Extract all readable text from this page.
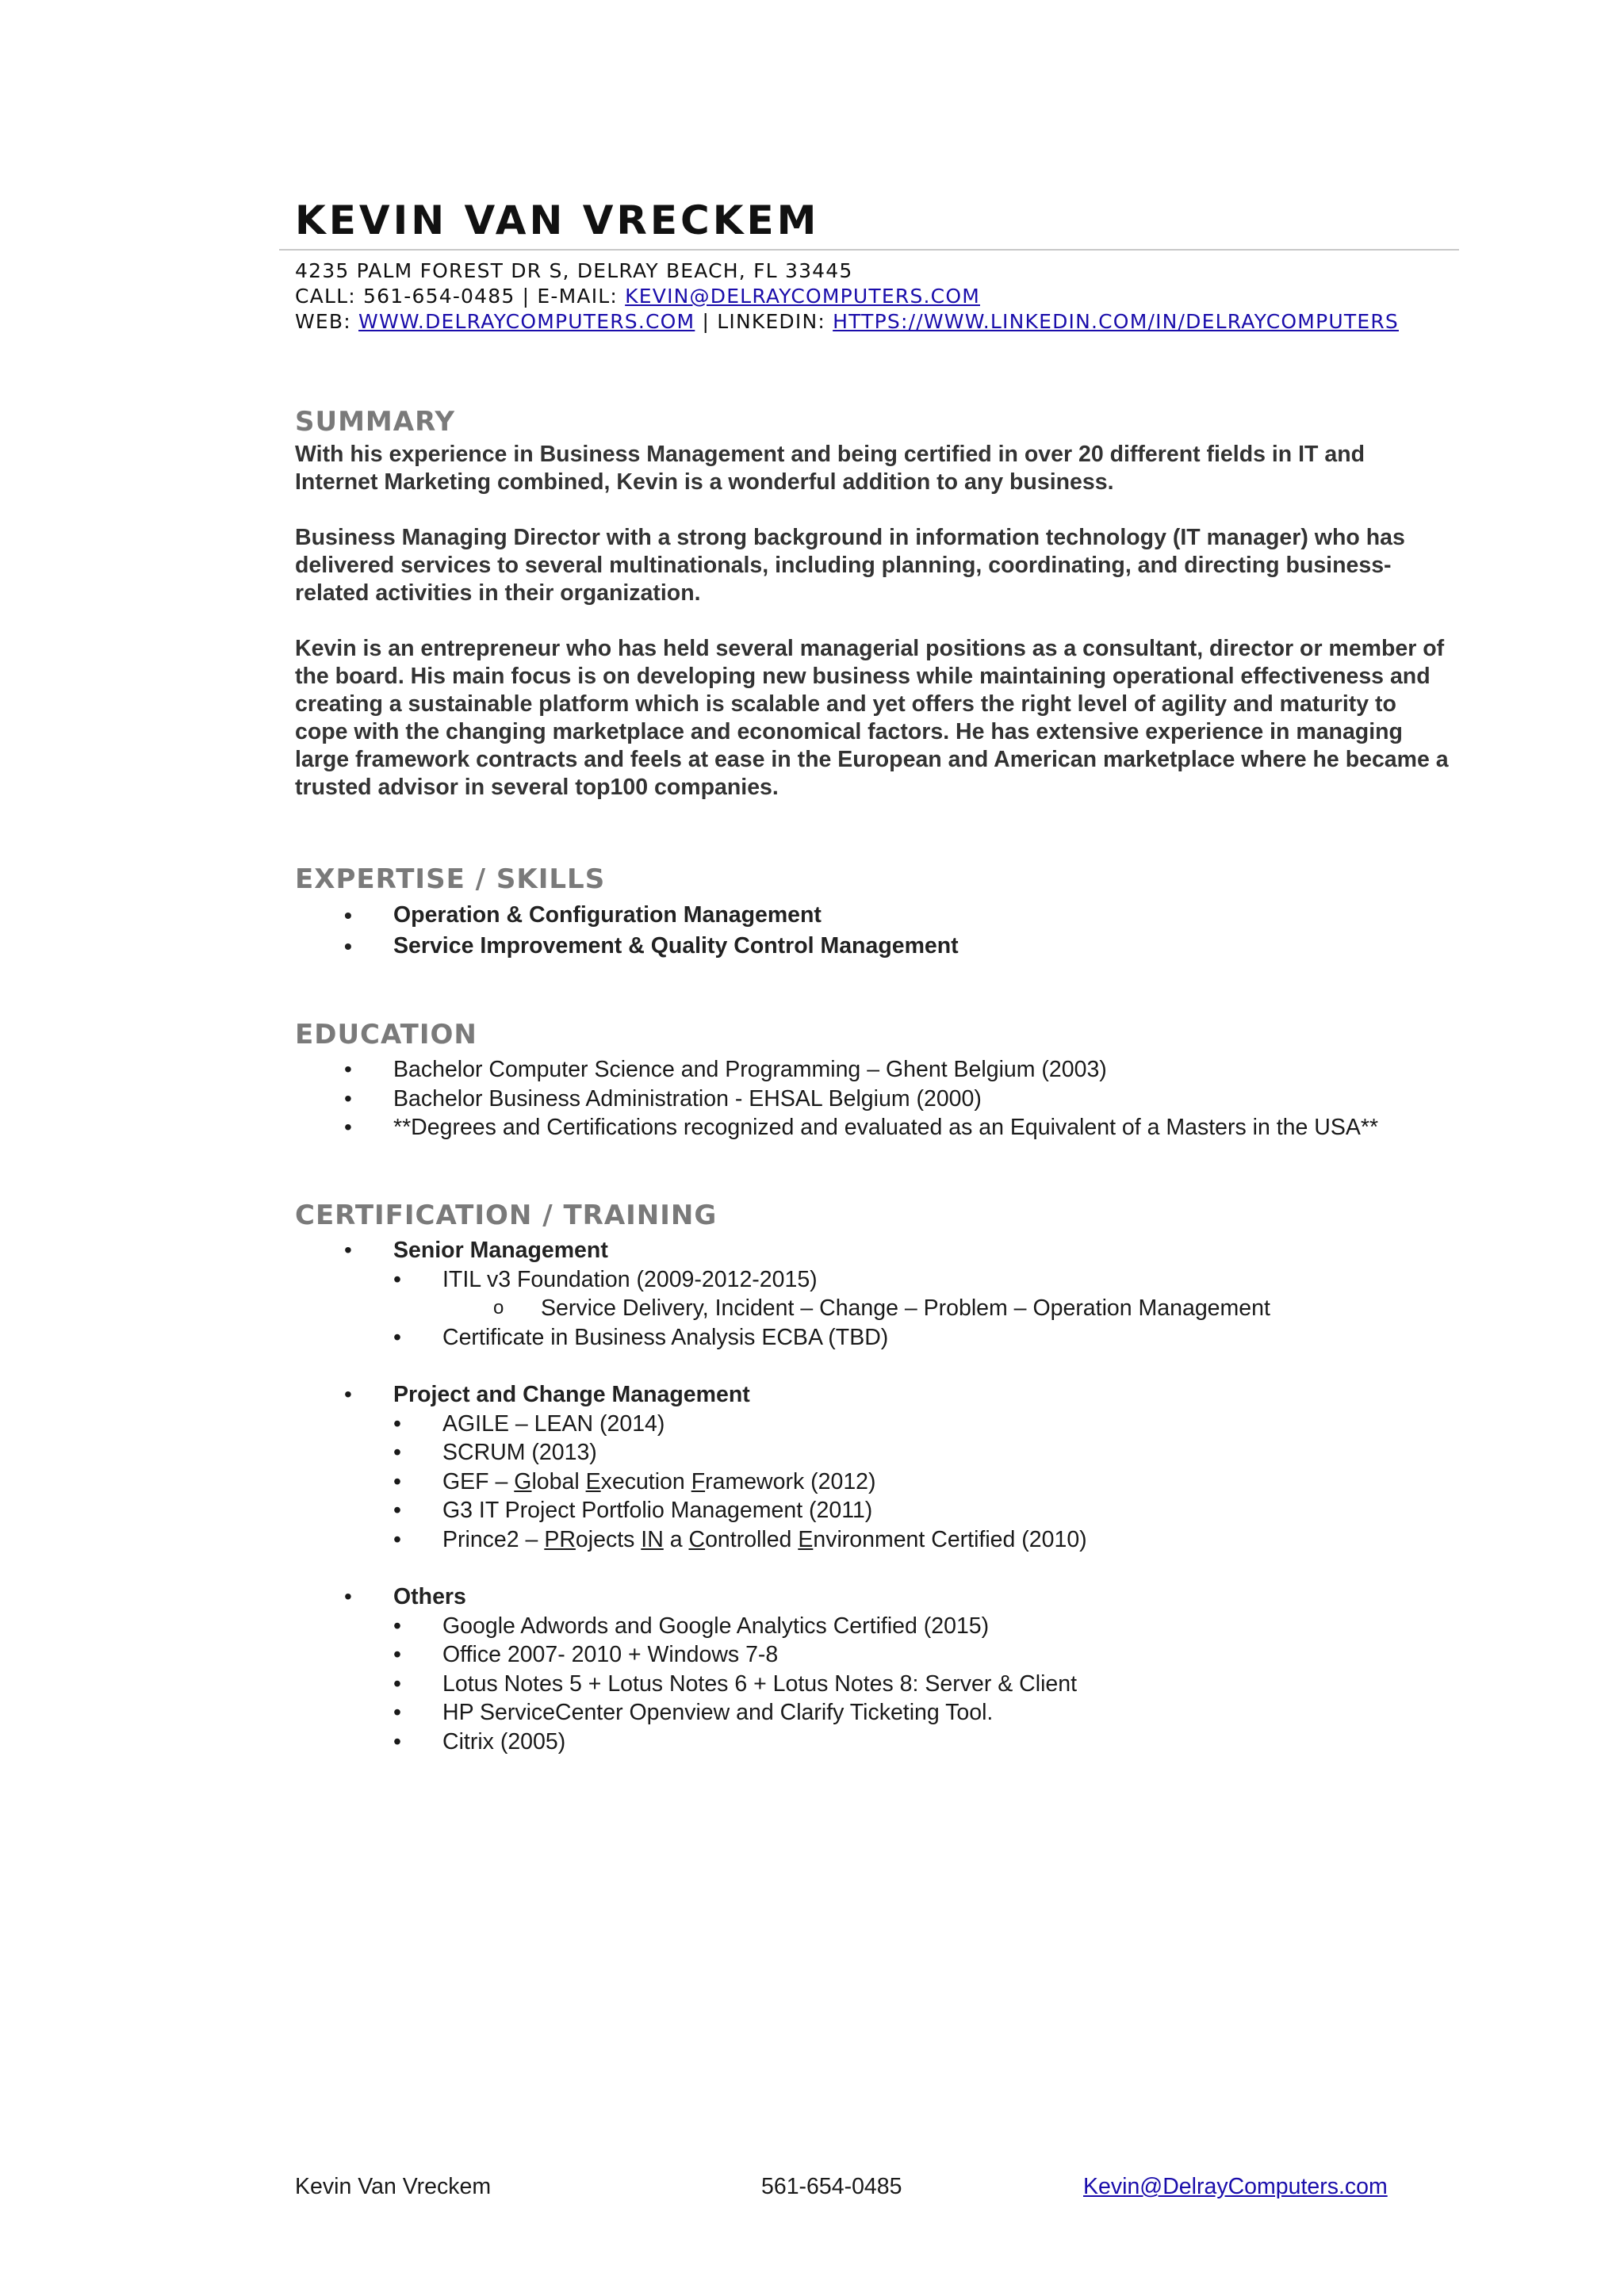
KEVIN VAN VRECKEM
4235 PALM FOREST DR S, DELRAY BEACH, FL 33445
CALL: 561-654-0485 | E-MAIL: KEVIN@DELRAYCOMPUTERS.COM
WEB: WWW.DELRAYCOMPUTERS.COM | LINKEDIN: HTTPS://WWW.LINKEDIN.COM/IN/DELRAYCOMPUTERS
SUMMARY

With his experience in Business Management and being certified in over 20 different fields in IT and Internet Marketing combined, Kevin is a wonderful addition to any business.

Business Managing Director with a strong background in information technology (IT manager) who has delivered services to several multinationals, including planning, coordinating, and directing business-related activities in their organization.

Kevin is an entrepreneur who has held several managerial positions as a consultant, director or member of the board. His main focus is on developing new business while maintaining operational effectiveness and creating a sustainable platform which is scalable and yet offers the right level of agility and maturity to cope with the changing marketplace and economical factors. He has extensive experience in managing large framework contracts and feels at ease in the European and American marketplace where he became a trusted advisor in several top100 companies.

EXPERTISE / SKILLS
• Operation & Configuration Management
• Service Improvement & Quality Control Management
EDUCATION
• Bachelor Computer Science and Programming – Ghent Belgium (2003)
• Bachelor Business Administration - EHSAL Belgium (2000)
• **Degrees and Certifications recognized and evaluated as an Equivalent of a Masters in the USA**
CERTIFICATION / TRAINING
• Senior Management
• ITIL v3 Foundation (2009-2012-2015)
o Service Delivery, Incident – Change – Problem – Operation Management
• Certificate in Business Analysis ECBA (TBD)
• Project and Change Management
• AGILE – LEAN (2014)
• SCRUM (2013)
• GEF – Global Execution Framework (2012)
• G3 IT Project Portfolio Management (2011)
• Prince2 – PRojects IN a Controlled Environment Certified (2010)
• Others
• Google Adwords and Google Analytics Certified (2015)
• Office 2007- 2010 + Windows 7-8
• Lotus Notes 5 + Lotus Notes 6 + Lotus Notes 8: Server & Client
• HP ServiceCenter Openview and Clarify Ticketing Tool.
• Citrix (2005)
Kevin Van Vreckem	561-654-0485	Kevin@DelrayComputers.com
